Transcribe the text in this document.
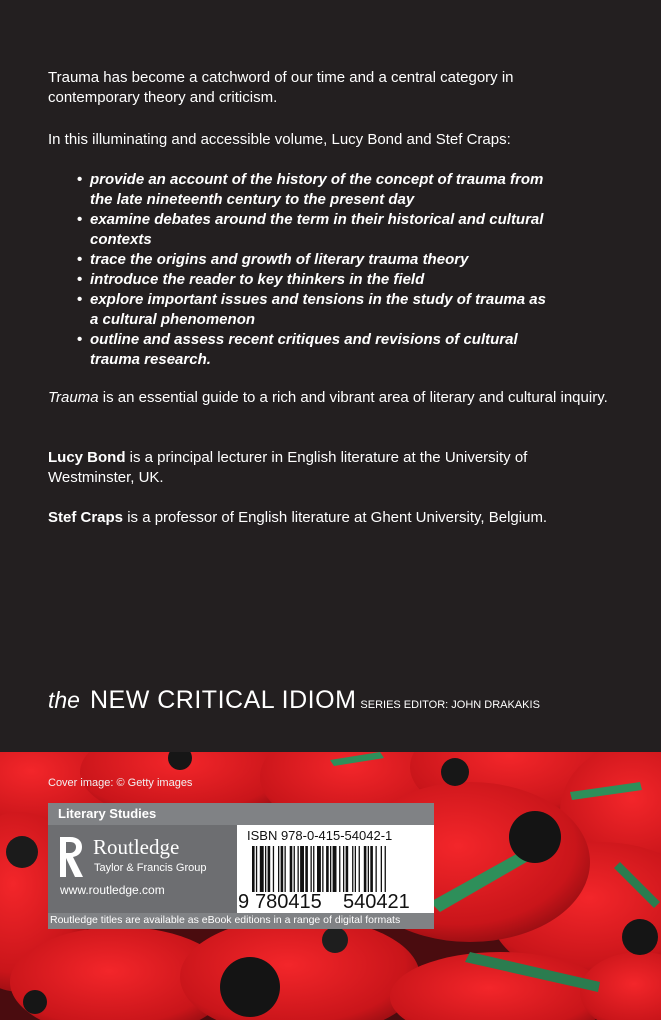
Trauma has become a catchword of our time and a central category in contemporary theory and criticism.

In this illuminating and accessible volume, Lucy Bond and Stef Craps:

• provide an account of the history of the concept of trauma from the late nineteenth century to the present day
• examine debates around the term in their historical and cultural contexts
• trace the origins and growth of literary trauma theory
• introduce the reader to key thinkers in the field
• explore important issues and tensions in the study of trauma as a cultural phenomenon
• outline and assess recent critiques and revisions of cultural trauma research.

Trauma is an essential guide to a rich and vibrant area of literary and cultural inquiry.

Lucy Bond is a principal lecturer in English literature at the University of Westminster, UK.

Stef Craps is a professor of English literature at Ghent University, Belgium.

the NEW CRITICAL IDIOM SERIES EDITOR: JOHN DRAKAKIS
Cover image: © Getty images
Literary Studies
Routledge
Taylor & Francis Group
www.routledge.com
ISBN 978-0-415-54042-1
9 780415 540421
Routledge titles are available as eBook editions in a range of digital formats
